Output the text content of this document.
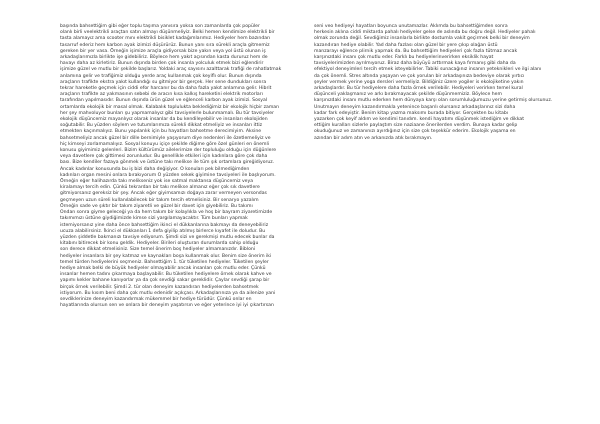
başında bahsettiğim gibi eğer toplu taşıma yanısıra yoksa son zamanlarda çok popüler
olanlı birli veelektrikli araçtan satın almayı düşünmeliyiz. Belki hemen kendimize elektrikli bir
tasta alamayız ama scooter mını elektrikli bisiklet kadağımlarımız. Hediyeler hem bazından
tasarruf ederiz hem karbon ayak izimizi düşürürüz. Bunun yanı sıra sürekli araçla gitmemiz
gereken bir yer vasa. Örneğin işimize araçla gidiyorsak bize yakın veya yol üstü olunan iş
arkadaşlarımızla birlikte işe gidebiliriz. Böylece hem yakıt açısından kasta dururuz hem de
havayı daha az kirletiriz. Bunun dışında birden çok insanla yolculuk etmek bizi eğlendirir
işimize güzel ve mutlu bir şekilde başlarız. Yoldaki araç sayısını azalttarak trafiği de rahatlatmak
anlamına gelir ve trafiğimiz olduğu yerde araç kullanmak çok keyiflı olur. Bunun dışında
araçların trafikte ekstra yakıt kullandığı su gitmiyor bir gerçek. Her sene dundukları sonra
tekrar hareketle geçmek için ciddi efor harcanır bu da daha fazla yakıt anlamına gelir. Hibrit
araçların trafikte az yakmasının sebebi de aracın kısa kalkış hareketini elektrik motorları
tarafından yapılmasıdır. Bunun dışında ürün güzel ve eğlenceli karbon ayak izimizi. Sosyal
ortamlarda ekolojik bir masal olmak. Kalabalık toplulukta beklediğimiz bir ekolojik hiçbir zaman
her şey mahvoluyor bunları şu yapmamalıyız gibi tavsiyelerle bulunmamalı. Bu tür tavsiyeler
ekolojik düşüncemiz mayanlıyız olarak insanlar da bu kendileyebilir ve insanları ekolojiden
soğutabilir. Bu yüzden söylem ve tutumlarımıza sürekli dikkat etmeliyiz ve insanları ittiz
etmekten kaçınmalıyız. Bunu yapılanlık için bu hayatları bahsetme derecimiyim. Aksine
bahsetmeliyiz ancak güzel bir dille bernimiyle yaşıyorum diye nedenleri ile özetlemeliyiz ve
hiç kimseyi zorlamamalıyız. Sosyal konuyu içiçe şekilde diğime göre özel günleri en önemli
konusu giyimimiz gelenleri. Bizim kültürümüz ailelerimize der topluluğu olduğu için düğünlere
veya davetlere çok gittimesi zorunludur. Bu genellikle etkileri için kadınlara göre çok daha
bası. Bize kendiler fazaya gönmek ve üstüne takı melikse ile tüm şık ortamlara gireğidiyoruz.
Ancak kadınlar konusunda bu iş bizi daha değişiyor. O konuları pek bilmediğimden
kadınları organ mesini onlara bırakıyorum O yüzden sekek giyimine tavsiyeleri ile başlıyorum.
Örneğin eğer halihazırda takı melikseniz yok ise satmal maktansa düşüncemiz veya
kiralamayı tercih edin. Çünkü tekrardan bir takı melikse almanız eğer çok sık davetlere
gitmiyorsanız gereksiz bir şey. Ancak eğer giyimsamızı doğaya zarar vermeyen versondas
geçmeyen uzun süreli kullanılabilecek bir takım tercih etmelisiniz. Bir senaryo yazalım
Örneğin sade ve şıktır bir takım ziyaretli ve güzel bir davet için giyebiliriz. Bu takımı
Ondan sonra giyme geleceği ya da hem takım bir kolaylıkla ve hoş bir bayram ziyaretimizde
takımımızı üstüne giydiğimizde kimse sizi yargılamayacaktır. Tüm bunları yapmak
istemiyorsanız yine daha önce bahsettiğim ikinci el dükkanlarına bakmayı da deneyebiliriz
ucuza alabilirsiniz. İkinci el dükkanları 1 defa giyilip atılmış birlerce kıyafet ile doludur. Bu
yüzden şiddetle bakmanızı tavsiye ediyorum. Şimdi sizi ve gerekmişi mutlu edecek bunlar da
kitabını bitirecek bir konu geldik. Hediyeler. Birileri oluşturan durumlarda sahip olduğu
son derece dikkat etmelisiniz. Size temel önerim boş hediyeler almamanızdır. Bibloni
hediyeler insanlara bir şey katmaz ve kaynakları boşa kullanmak olur. Benim size önerim iki
temel türden hediyelerini seçmeniz. Bahsettiğim 1. tür tüketilen hediyeler. Tüketilen şeyler
hediye almak belki de büyük hediyeler olmayabilir ancak insanları çok mutlu eder. Çünkü
insanlar hemen tadını çıkarmaya başlayabilir. Bu tüketilen hediyelere örnek olarak kahve ve
yapımı kekler bahane kanıyorlar ya da çok sevdiği sakar gereklidir. Çaylar sevdiği şarap bir
birçok örnek verilebilir. Şimdi 2. tür olan deneyim kazandıran hediyelerden bahsetmek
istiyorum. Bu kısım beni daha çok mutlu edenidir açıkçası. Arkadaşlarınıza ya da ailenize yani
sevdiklerinize deneyim kazandırmak mükemmel bir hediye türüdür. Çünkü onlar en
hayatlarında olursun sen ve onlara bir deneyim yaşatırsın ve eğer yeterince iyi iyi çıkartırsan
seni veo hediyeyi hayatları boyunca unutamazlar. Aklımda bu bahsettiğimden sonra
herkesin aklına ciddi miktarda pahalı hediyeler gelse de aslında bu doğru değil. Hediyeler pahalı
olmak zorunda değil. Sevdiğimiz insanlarla birlikte dostumla vakit geçirmek belki bir deneyim
kazandıran hediye olabilir. Yad daha fazlası olan güzel bir yere çıkıp olağan üstü
manzarayı eğlence plirnik yapmak da. Bu bahsettiğim hediyeleri çok fazla tütmaz ancak
karşınızdaki insanı çok mutlu eder. Farklı bu hediyelerinverirken eksiklik hayat
tavsiyelerimizden ayrılmıyoruz. Biraz daha büyüyü arttırmak kaya fırmanış gibi daha da
efektiyol deneyimleri tercih etmek isteyebilirler. Tabiki sunacağınız insanın yeteknikleri ve ilgi alanı
da çok önemli. Stres altında yaşayan ve çok yorulan bir arkadaşınıza bedeviye olarak yırtıcı
şeyler vermek yerine yoga dersleri vermeliyiz. Bildiğiniz üzere yogiler is ekolojiketine yakın
arkadaşlardır. Bu tür hediyelere daha fazla örnek verilebilir. Hediyeleri verirken temel kural
düşünceli yaklaşmanız ve arkı bırakmayacak şekilde düşünmemiziz. Böylece hem
karşınızdaki insanı mutlu ederken hem dünyaya karşı olan sorumluluğumuzu yerine getirmiş olursunuz.
Unutmayın deneyim kazandırmakla yetenince başarılı olursanız arkadaşlarınız sizi daha
kadar fark edeyiştir. Benim kitap yazma maksımı burada bitiyor. Gerçekten bu kitabı
yazarken çok keyif aldım ve kendimi tanıdım. kendi hayatımı düşünmek istediğim ve dikkat
ettiğim kuralları sizlerle paylaştım size naziaane önerilerden verdim. Bunaya kadar gelip
okuduğunuz ve zamanınızı ayırdığınız için size çok teşekkür ederim. Ekolojik yaşama en
azından bir adım atın ve arkanızda atık bırakmayın.
